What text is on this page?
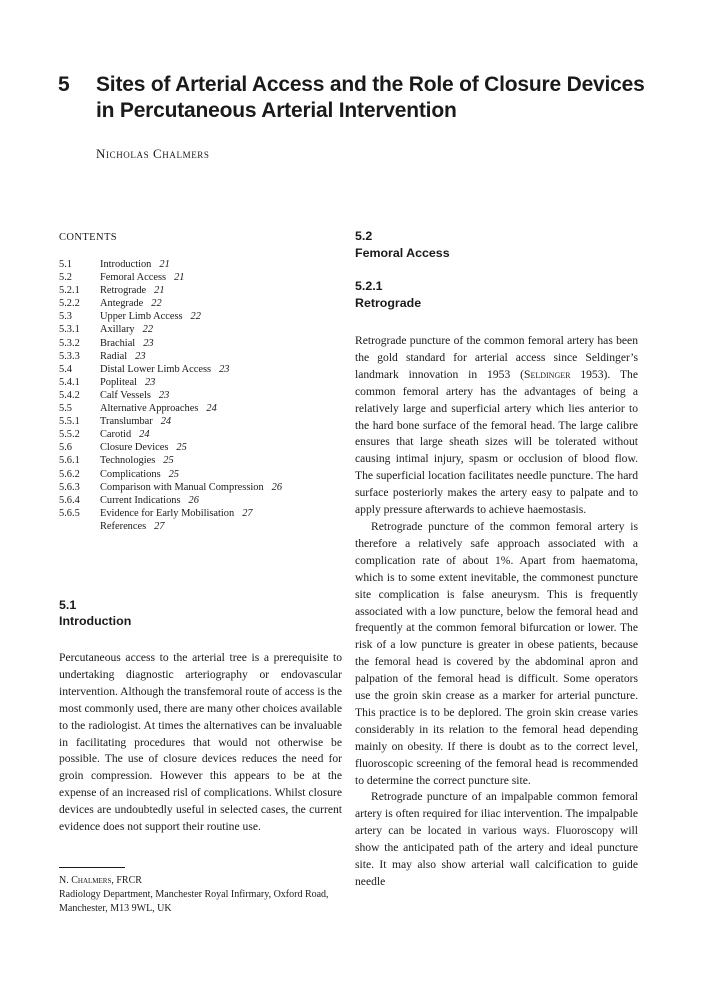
5 Sites of Arterial Access and the Role of Closure Devices in Percutaneous Arterial Intervention
Nicholas Chalmers
CONTENTS
5.1	Introduction 21
5.2	Femoral Access 21
5.2.1	Retrograde 21
5.2.2	Antegrade 22
5.3	Upper Limb Access 22
5.3.1	Axillary 22
5.3.2	Brachial 23
5.3.3	Radial 23
5.4	Distal Lower Limb Access 23
5.4.1	Popliteal 23
5.4.2	Calf Vessels 23
5.5	Alternative Approaches 24
5.5.1	Translumbar 24
5.5.2	Carotid 24
5.6	Closure Devices 25
5.6.1	Technologies 25
5.6.2	Complications 25
5.6.3	Comparison with Manual Compression 26
5.6.4	Current Indications 26
5.6.5	Evidence for Early Mobilisation 27
References 27
5.1
Introduction

Percutaneous access to the arterial tree is a prerequisite to undertaking diagnostic arteriography or endovascular intervention. Although the transfemoral route of access is the most commonly used, there are many other choices available to the radiologist. At times the alternatives can be invaluable in facilitating procedures that would not otherwise be possible. The use of closure devices reduces the need for groin compression. However this appears to be at the expense of an increased risl of complications. Whilst closure devices are undoubtedly useful in selected cases, the current evidence does not support their routine use.

N. Chalmers, FRCR

Radiology Department, Manchester Royal Infirmary, Oxford Road, Manchester, M13 9WL, UK

5.2
Femoral Access
5.2.1
Retrograde

Retrograde puncture of the common femoral artery has been the gold standard for arterial access since Seldinger’s landmark innovation in 1953 (Seldinger 1953). The common femoral artery has the advantages of being a relatively large and superficial artery which lies anterior to the hard bone surface of the femoral head. The large calibre ensures that large sheath sizes will be tolerated without causing intimal injury, spasm or occlusion of blood flow. The superficial location facilitates needle puncture. The hard surface posteriorly makes the artery easy to palpate and to apply pressure afterwards to achieve haemostasis.

Retrograde puncture of the common femoral artery is therefore a relatively safe approach associated with a complication rate of about 1%. Apart from haematoma, which is to some extent inevitable, the commonest puncture site complication is false aneurysm. This is frequently associated with a low puncture, below the femoral head and frequently at the common femoral bifurcation or lower. The risk of a low puncture is greater in obese patients, because the femoral head is covered by the abdominal apron and palpation of the femoral head is difficult. Some operators use the groin skin crease as a marker for arterial puncture. This practice is to be deplored. The groin skin crease varies considerably in its relation to the femoral head depending mainly on obesity. If there is doubt as to the correct level, fluoroscopic screening of the femoral head is recommended to determine the correct puncture site.

Retrograde puncture of an impalpable common femoral artery is often required for iliac intervention. The impalpable artery can be located in various ways. Fluoroscopy will show the anticipated path of the artery and ideal puncture site. It may also show arterial wall calcification to guide needle
